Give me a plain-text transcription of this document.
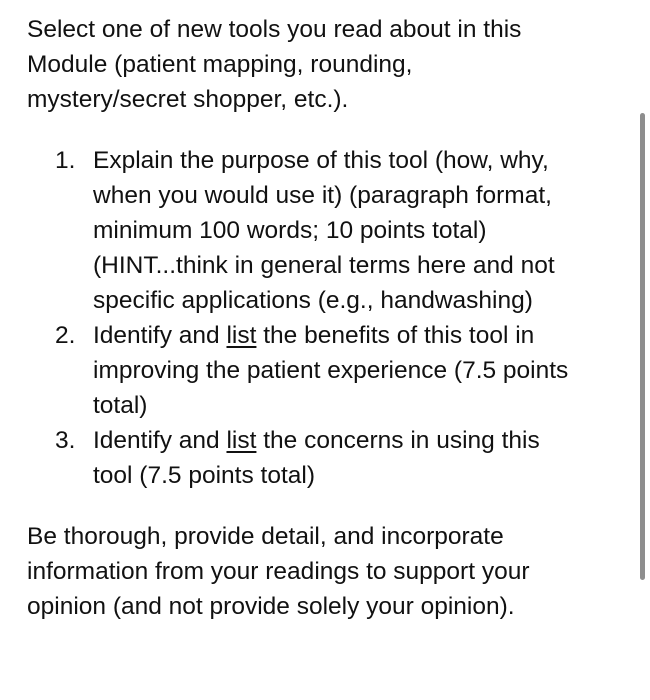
Select one of new tools you read about in this
Module (patient mapping, rounding,
mystery/secret shopper, etc.).

1. Explain the purpose of this tool (how, why,
when you would use it) (paragraph format,
minimum 100 words; 10 points total)
(HINT...think in general terms here and not
specific applications (e.g., handwashing)
2. Identify and list the benefits of this tool in
improving the patient experience (7.5 points
total)
3. Identify and list the concerns in using this
tool (7.5 points total)

Be thorough, provide detail, and incorporate
information from your readings to support your
opinion (and not provide solely your opinion).
